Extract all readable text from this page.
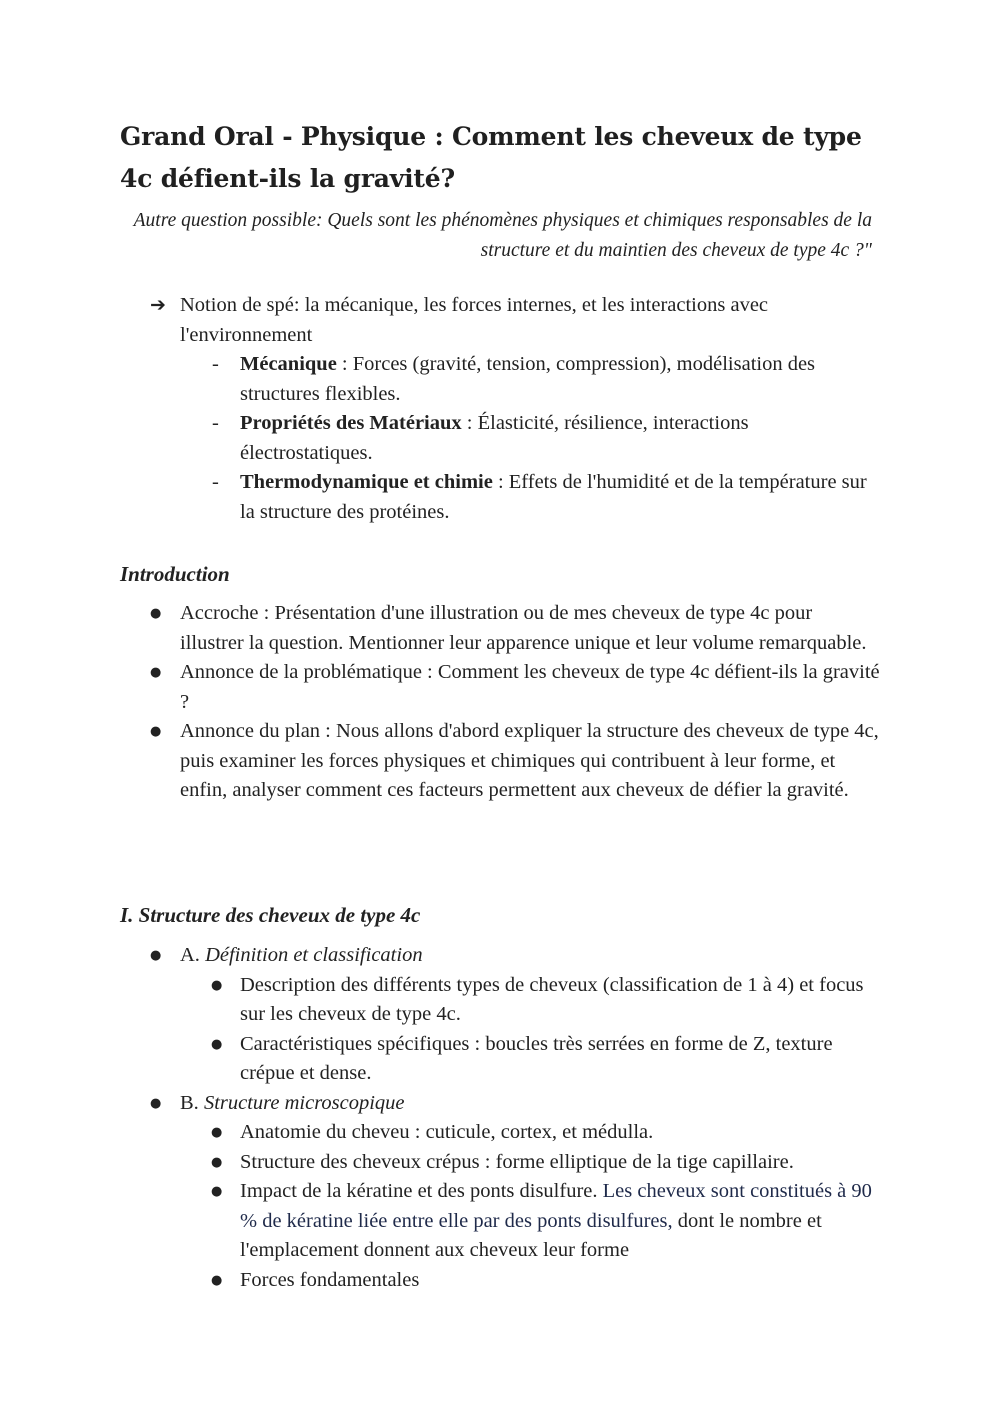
Grand Oral - Physique : Comment les cheveux de type 4c défient-ils la gravité?

Autre question possible: Quels sont les phénomènes physiques et chimiques responsables de la structure et du maintien des cheveux de type 4c ?"

➔ Notion de spé: la mécanique, les forces internes, et les interactions avec l'environnement
- Mécanique : Forces (gravité, tension, compression), modélisation des structures flexibles.
- Propriétés des Matériaux : Élasticité, résilience, interactions électrostatiques.
- Thermodynamique et chimie : Effets de l'humidité et de la température sur la structure des protéines.
Introduction
● Accroche : Présentation d'une illustration ou de mes cheveux de type 4c pour illustrer la question. Mentionner leur apparence unique et leur volume remarquable.
● Annonce de la problématique : Comment les cheveux de type 4c défient-ils la gravité ?
● Annonce du plan : Nous allons d'abord expliquer la structure des cheveux de type 4c, puis examiner les forces physiques et chimiques qui contribuent à leur forme, et enfin, analyser comment ces facteurs permettent aux cheveux de défier la gravité.
I. Structure des cheveux de type 4c
● A. Définition et classification
● Description des différents types de cheveux (classification de 1 à 4) et focus sur les cheveux de type 4c.
● Caractéristiques spécifiques : boucles très serrées en forme de Z, texture crépue et dense.
● B. Structure microscopique
● Anatomie du cheveu : cuticule, cortex, et médulla.
● Structure des cheveux crépus : forme elliptique de la tige capillaire.
● Impact de la kératine et des ponts disulfure. Les cheveux sont constitués à 90 % de kératine liée entre elle par des ponts disulfures, dont le nombre et l'emplacement donnent aux cheveux leur forme
● Forces fondamentales
